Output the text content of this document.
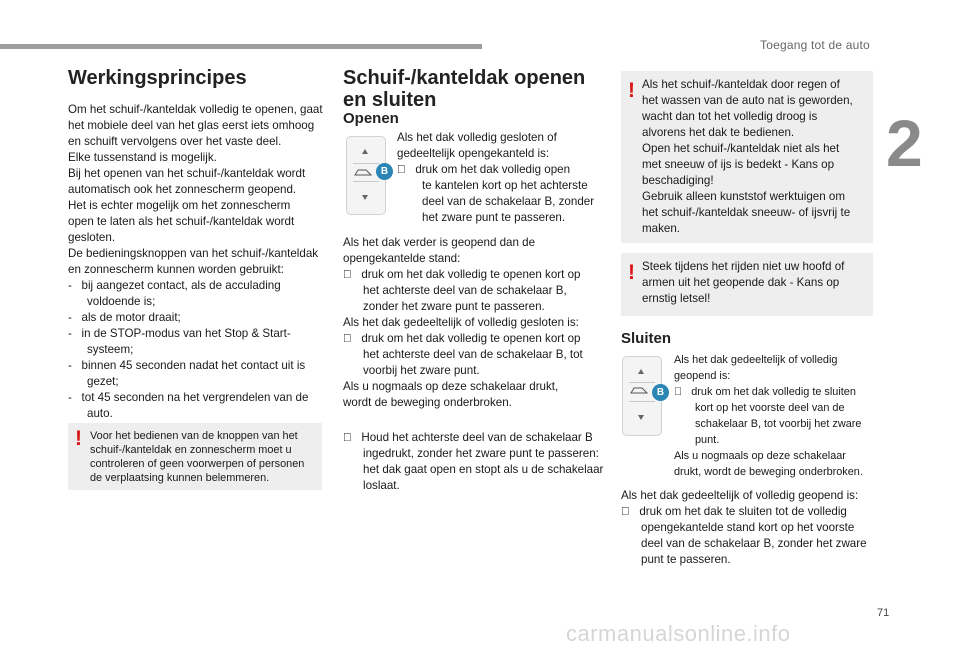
Toegang tot de auto
2
Werkingsprincipes
Om het schuif-/kanteldak volledig te openen, gaat
het mobiele deel van het glas eerst iets omhoog
en schuift vervolgens over het vaste deel.
Elke tussenstand is mogelijk.
Bij het openen van het schuif-/kanteldak wordt
automatisch ook het zonnescherm geopend.
Het is echter mogelijk om het zonnescherm
open te laten als het schuif-/kanteldak wordt
gesloten.
De bedieningsknoppen van het schuif-/kanteldak
en zonnescherm kunnen worden gebruikt:
-   bij aangezet contact, als de acculading voldoende is;
-   als de motor draait;
-   in de STOP-modus van het Stop & Start-systeem;
-   binnen 45 seconden nadat het contact uit is gezet;
-   tot 45 seconden na het vergrendelen van de auto.
! Voor het bedienen van de knoppen van het
schuif-/kanteldak en zonnescherm moet u
controleren of geen voorwerpen of personen
de verplaatsing kunnen belemmeren.
Schuif-/kanteldak openen
en sluiten
Openen
B
Als het dak volledig gesloten of
gedeeltelijk opengekanteld is:
druk om het dak volledig open
te kantelen kort op het achterste
deel van de schakelaar B, zonder
het zware punt te passeren.
Als het dak verder is geopend dan de
opengekantelde stand:
druk om het dak volledig te openen kort op het achterste deel van de schakelaar B, zonder het zware punt te passeren.
Als het dak gedeeltelijk of volledig gesloten is:
druk om het dak volledig te openen kort op het achterste deel van de schakelaar B, tot voorbij het zware punt.
Als u nogmaals op deze schakelaar drukt,
wordt de beweging onderbroken.
Houd het achterste deel van de schakelaar B ingedrukt, zonder het zware punt te passeren: het dak gaat open en stopt als u de schakelaar loslaat.
! Als het schuif-/kanteldak door regen of
het wassen van de auto nat is geworden,
wacht dan tot het volledig droog is
alvorens het dak te bedienen.
Open het schuif-/kanteldak niet als het
met sneeuw of ijs is bedekt - Kans op
beschadiging!
Gebruik alleen kunststof werktuigen om
het schuif-/kanteldak sneeuw- of ijsvrij te
maken.
! Steek tijdens het rijden niet uw hoofd of
armen uit het geopende dak - Kans op
ernstig letsel!
Sluiten
B
Als het dak gedeeltelijk of volledig
geopend is:
druk om het dak volledig te sluiten
kort op het voorste deel van de
schakelaar B, tot voorbij het zware
punt.
Als u nogmaals op deze schakelaar
drukt, wordt de beweging onderbroken.
Als het dak gedeeltelijk of volledig geopend is:
druk om het dak te sluiten tot de volledig opengekantelde stand kort op het voorste deel van de schakelaar B, zonder het zware punt te passeren.
71
carmanualsonline.info
